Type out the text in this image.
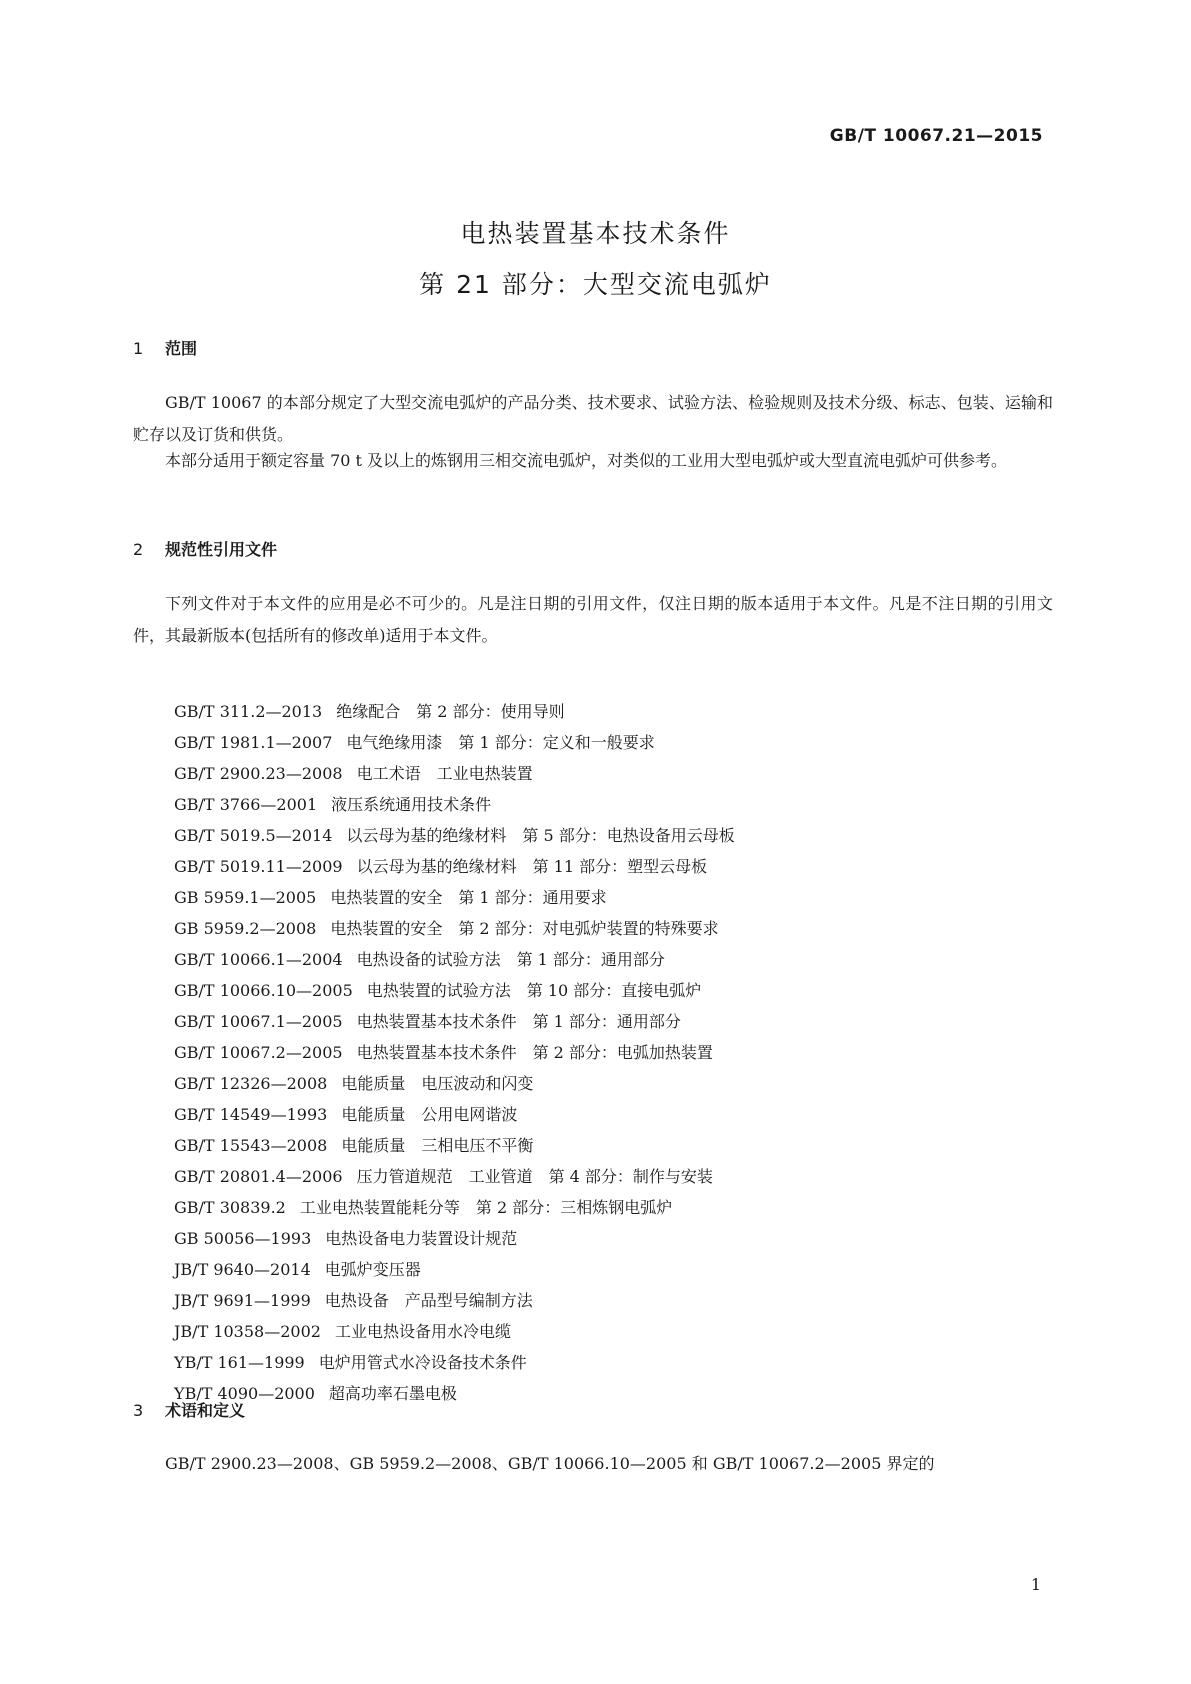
GB/T 10067.21—2015
电热装置基本技术条件
第 21 部分：大型交流电弧炉
1 范围

GB/T 10067 的本部分规定了大型交流电弧炉的产品分类、技术要求、试验方法、检验规则及技术分级、标志、包装、运输和贮存以及订货和供货。

本部分适用于额定容量 70 t 及以上的炼钢用三相交流电弧炉，对类似的工业用大型电弧炉或大型直流电弧炉可供参考。

2 规范性引用文件

下列文件对于本文件的应用是必不可少的。凡是注日期的引用文件，仅注日期的版本适用于本文件。凡是不注日期的引用文件，其最新版本(包括所有的修改单)适用于本文件。

GB/T 311.2—2013 绝缘配合　第 2 部分：使用导则
GB/T 1981.1—2007 电气绝缘用漆　第 1 部分：定义和一般要求
GB/T 2900.23—2008 电工术语　工业电热装置
GB/T 3766—2001 液压系统通用技术条件
GB/T 5019.5—2014 以云母为基的绝缘材料　第 5 部分：电热设备用云母板
GB/T 5019.11—2009 以云母为基的绝缘材料　第 11 部分：塑型云母板
GB 5959.1—2005 电热装置的安全　第 1 部分：通用要求
GB 5959.2—2008 电热装置的安全　第 2 部分：对电弧炉装置的特殊要求
GB/T 10066.1—2004 电热设备的试验方法　第 1 部分：通用部分
GB/T 10066.10—2005 电热装置的试验方法　第 10 部分：直接电弧炉
GB/T 10067.1—2005 电热装置基本技术条件　第 1 部分：通用部分
GB/T 10067.2—2005 电热装置基本技术条件　第 2 部分：电弧加热装置
GB/T 12326—2008 电能质量　电压波动和闪变
GB/T 14549—1993 电能质量　公用电网谐波
GB/T 15543—2008 电能质量　三相电压不平衡
GB/T 20801.4—2006 压力管道规范　工业管道　第 4 部分：制作与安装
GB/T 30839.2 工业电热装置能耗分等　第 2 部分：三相炼钢电弧炉
GB 50056—1993 电热设备电力装置设计规范
JB/T 9640—2014 电弧炉变压器
JB/T 9691—1999 电热设备　产品型号编制方法
JB/T 10358—2002 工业电热设备用水冷电缆
YB/T 161—1999 电炉用管式水冷设备技术条件
YB/T 4090—2000 超高功率石墨电极
3 术语和定义

GB/T 2900.23—2008、GB 5959.2—2008、GB/T 10066.10—2005 和 GB/T 10067.2—2005 界定的

1
